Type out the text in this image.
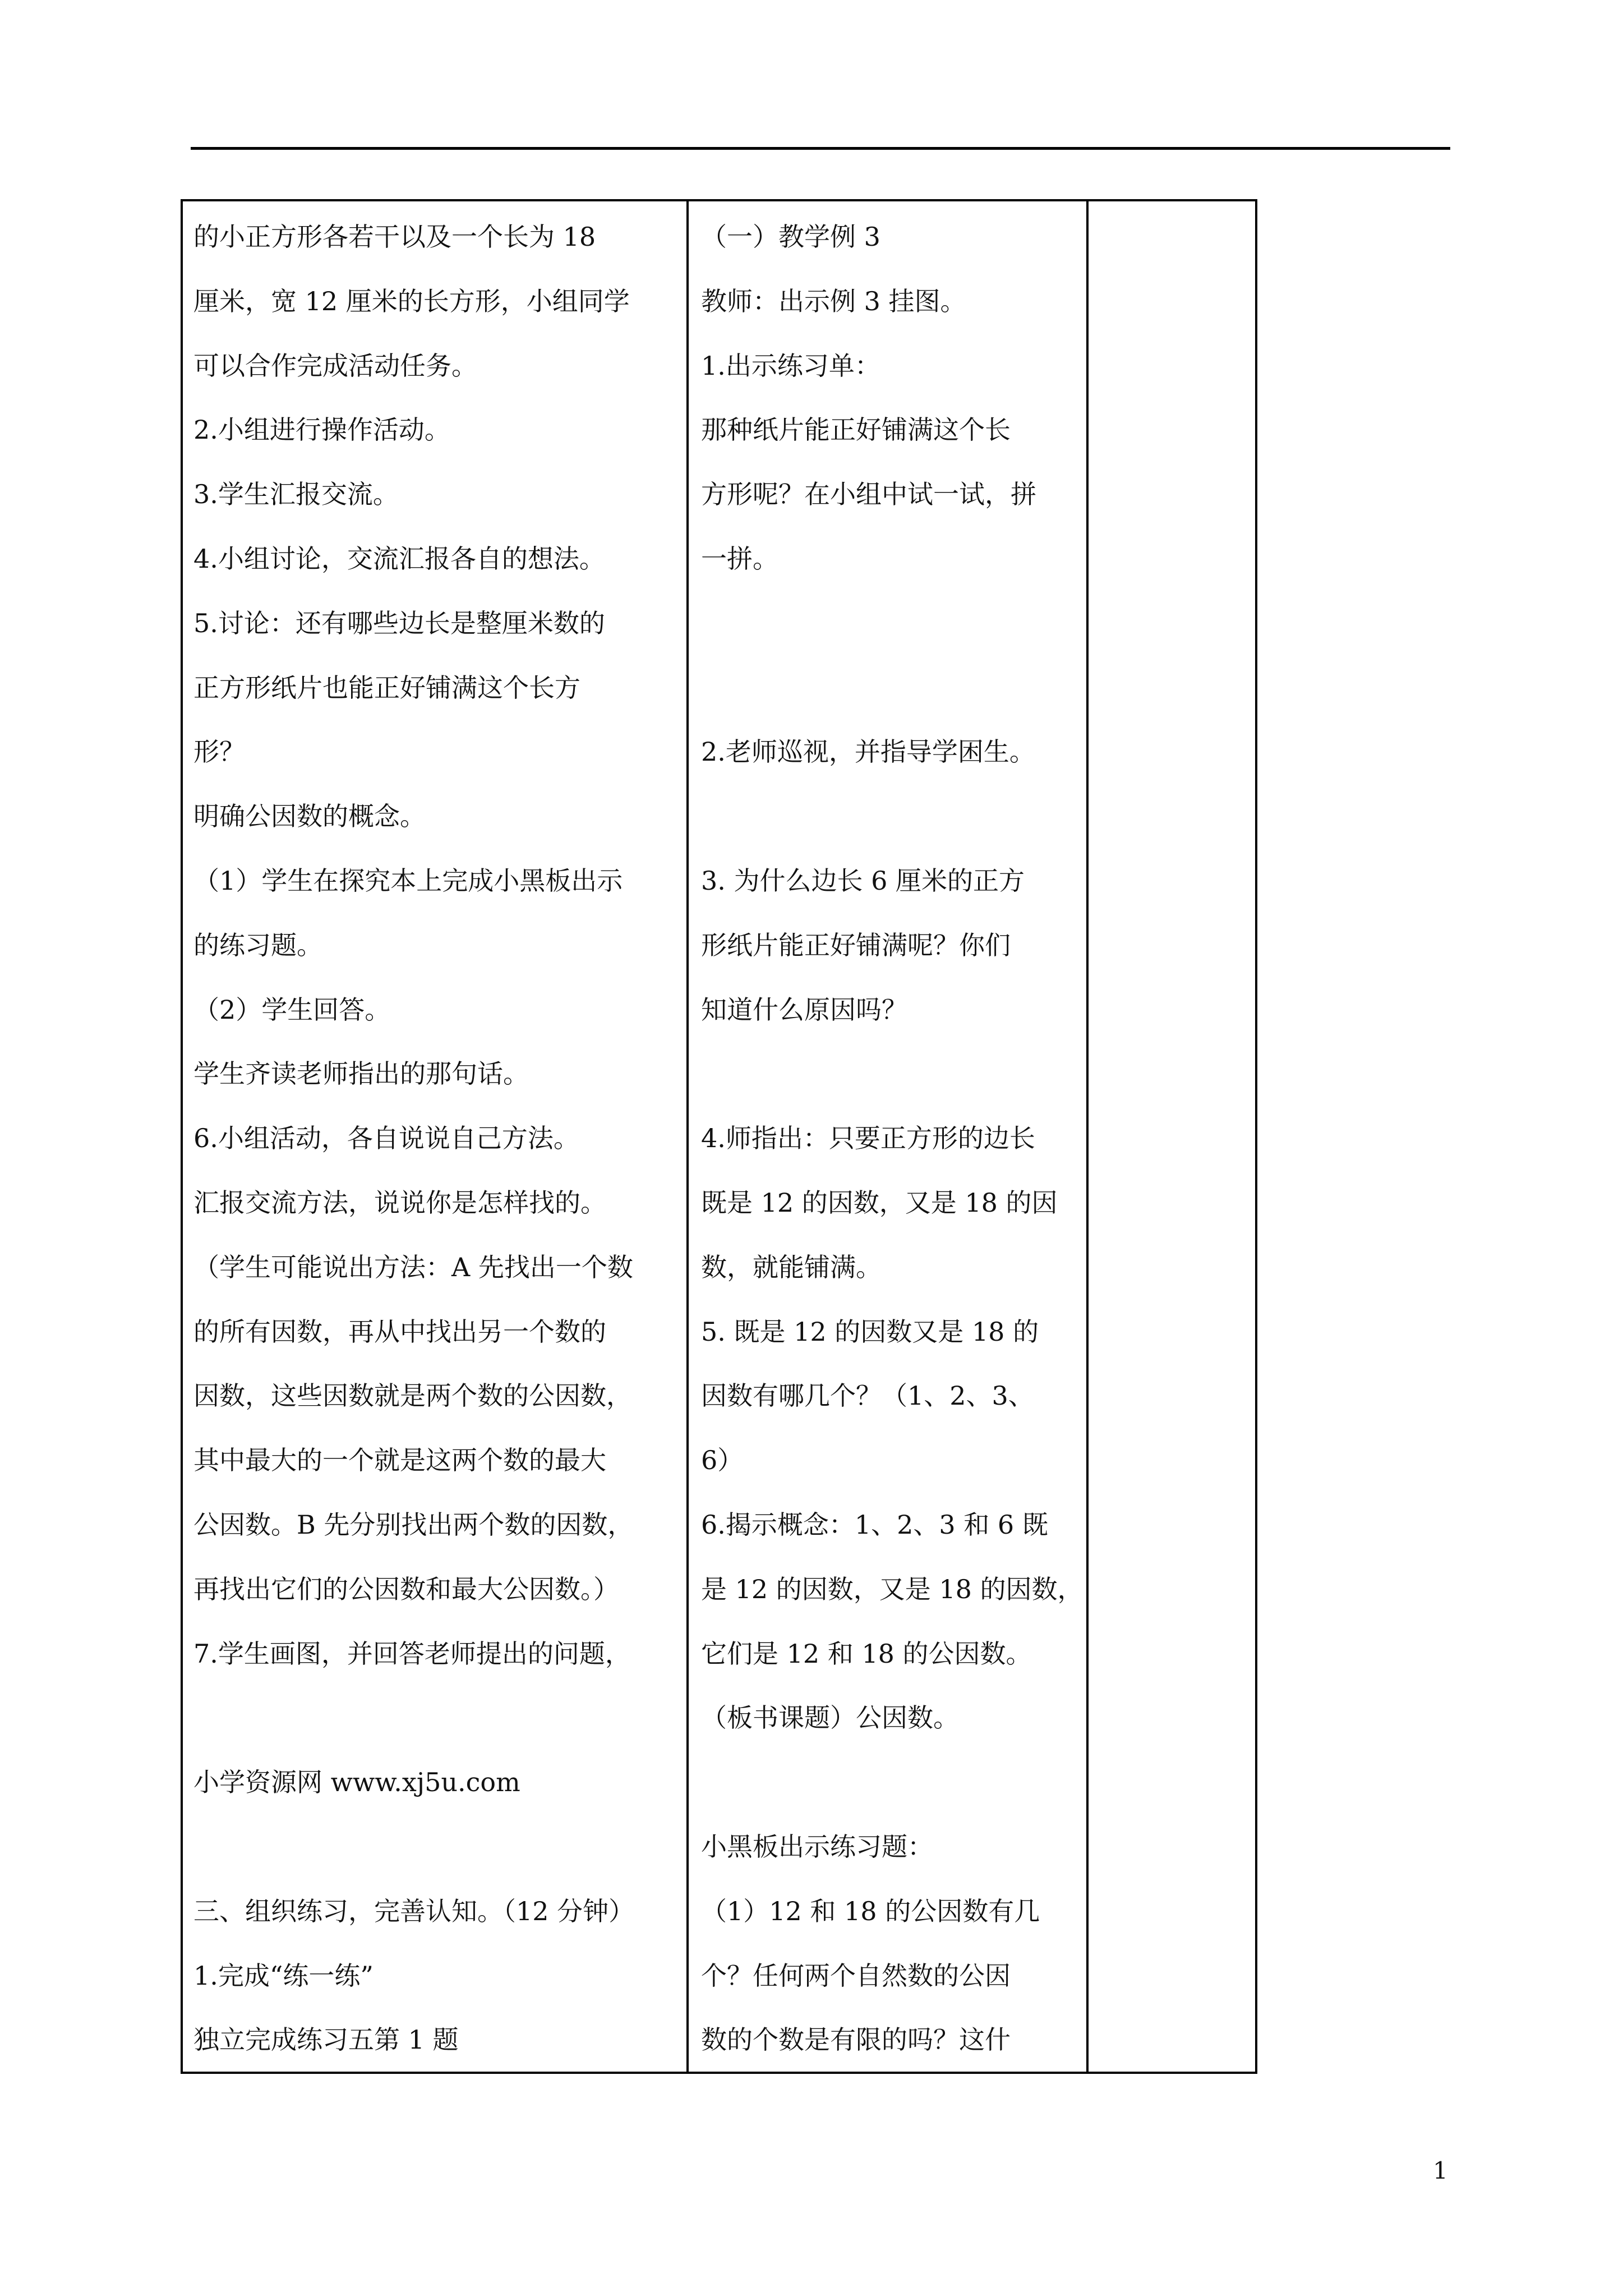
的小正方形各若干以及一个长为 18
厘米，宽 12 厘米的长方形，小组同学
可以合作完成活动任务。
2.小组进行操作活动。
3.学生汇报交流。
4.小组讨论，交流汇报各自的想法。
5.讨论：还有哪些边长是整厘米数的
正方形纸片也能正好铺满这个长方
形？
明确公因数的概念。
（1）学生在探究本上完成小黑板出示
的练习题。
（2）学生回答。
学生齐读老师指出的那句话。
6.小组活动，各自说说自己方法。
汇报交流方法，说说你是怎样找的。
（学生可能说出方法：A 先找出一个数
的所有因数，再从中找出另一个数的
因数，这些因数就是两个数的公因数，
其中最大的一个就是这两个数的最大
公因数。B 先分别找出两个数的因数，
再找出它们的公因数和最大公因数。）
7.学生画图，并回答老师提出的问题，
小学资源网 www.xj5u.com
三、组织练习，完善认知。（12 分钟）
1.完成“练一练”
独立完成练习五第 1 题
（一）教学例 3
教师：出示例 3 挂图。
1.出示练习单：
那种纸片能正好铺满这个长
方形呢？在小组中试一试，拼
一拼。
2.老师巡视，并指导学困生。
3. 为什么边长 6 厘米的正方
形纸片能正好铺满呢？你们
知道什么原因吗？
4.师指出：只要正方形的边长
既是 12 的因数，又是 18 的因
数，就能铺满。
5. 既是 12 的因数又是 18 的
因数有哪几个？（1、2、3、
6）
6.揭示概念：1、2、3 和 6 既
是 12 的因数，又是 18 的因数，
它们是 12 和 18 的公因数。
（板书课题）公因数。
小黑板出示练习题：
（1）12 和 18 的公因数有几
个？任何两个自然数的公因
数的个数是有限的吗？这什
1
